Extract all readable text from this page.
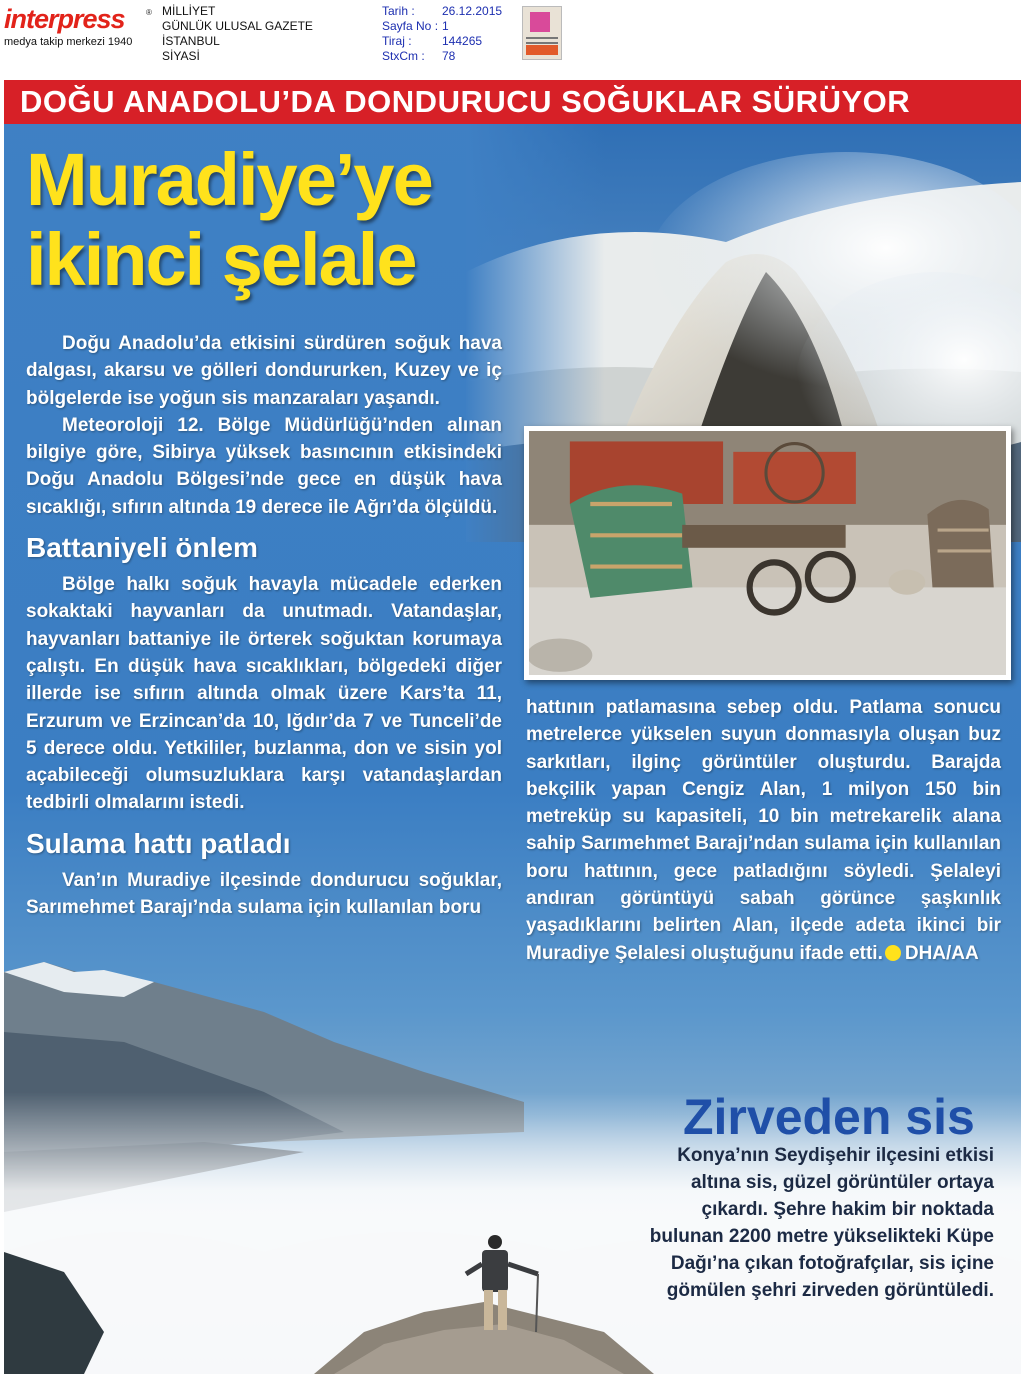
interpress	®
medya takip merkezi 1940
MİLLİYET
GÜNLÜK ULUSAL GAZETE
İSTANBUL
SİYASİ
Tarih :	26.12.2015
Sayfa No : 1
Tiraj :	144265
StxCm :	78
DOĞU ANADOLU’DA DONDURUCU SOĞUKLAR SÜRÜYOR
Muradiye’ye
ikinci şelale

Doğu Anadolu’da etkisini sürdüren soğuk hava dalgası, akarsu ve gölleri dondururken, Kuzey ve iç bölgelerde ise yoğun sis manzaraları yaşandı.

Meteoroloji 12. Bölge Müdürlüğü’nden alınan bilgiye göre, Sibirya yüksek basıncının etkisindeki Doğu Anadolu Bölgesi’nde gece en düşük hava sıcaklığı, sıfırın altında 19 derece ile Ağrı’da ölçüldü.

Battaniyeli önlem

Bölge halkı soğuk havayla mücadele ederken sokaktaki hayvanları da unutmadı. Vatandaşlar, hayvanları battaniye ile örterek soğuktan korumaya çalıştı. En düşük hava sıcaklıkları, bölgedeki diğer illerde ise sıfırın altında olmak üzere Kars’ta 11, Erzurum ve Erzincan’da 10, Iğdır’da 7 ve Tunceli’de 5 derece oldu. Yetkililer, buzlanma, don ve sisin yol açabileceği olumsuzluklara karşı vatandaşlardan tedbirli olmalarını istedi.

Sulama hattı patladı

Van’ın Muradiye ilçesinde dondurucu soğuklar, Sarımehmet Barajı’nda sulama için kullanılan boru

hattının patlamasına sebep oldu. Patlama sonucu metrelerce yükselen suyun donmasıyla oluşan buz sarkıtları, ilginç görüntüler oluşturdu. Barajda bekçilik yapan Cengiz Alan, 1 milyon 150 bin metreküp su kapasiteli, 10 bin metrekarelik alana sahip Sarımehmet Barajı’ndan sulama için kullanılan boru hattının, gece patladığını söyledi. Şelaleyi andıran görüntüyü sabah görünce şaşkınlık yaşadıklarını belirten Alan, ilçede adeta ikinci bir Muradiye Şelalesi oluştuğunu ifade etti. DHA/AA

Zirveden sis
Konya’nın Seydişehir ilçesini etkisi altına sis, güzel görüntüler ortaya çıkardı. Şehre hakim bir noktada bulunan 2200 metre yükselikteki Küpe Dağı’na çıkan fotoğrafçılar, sis içine gömülen şehri zirveden görüntüledi.
